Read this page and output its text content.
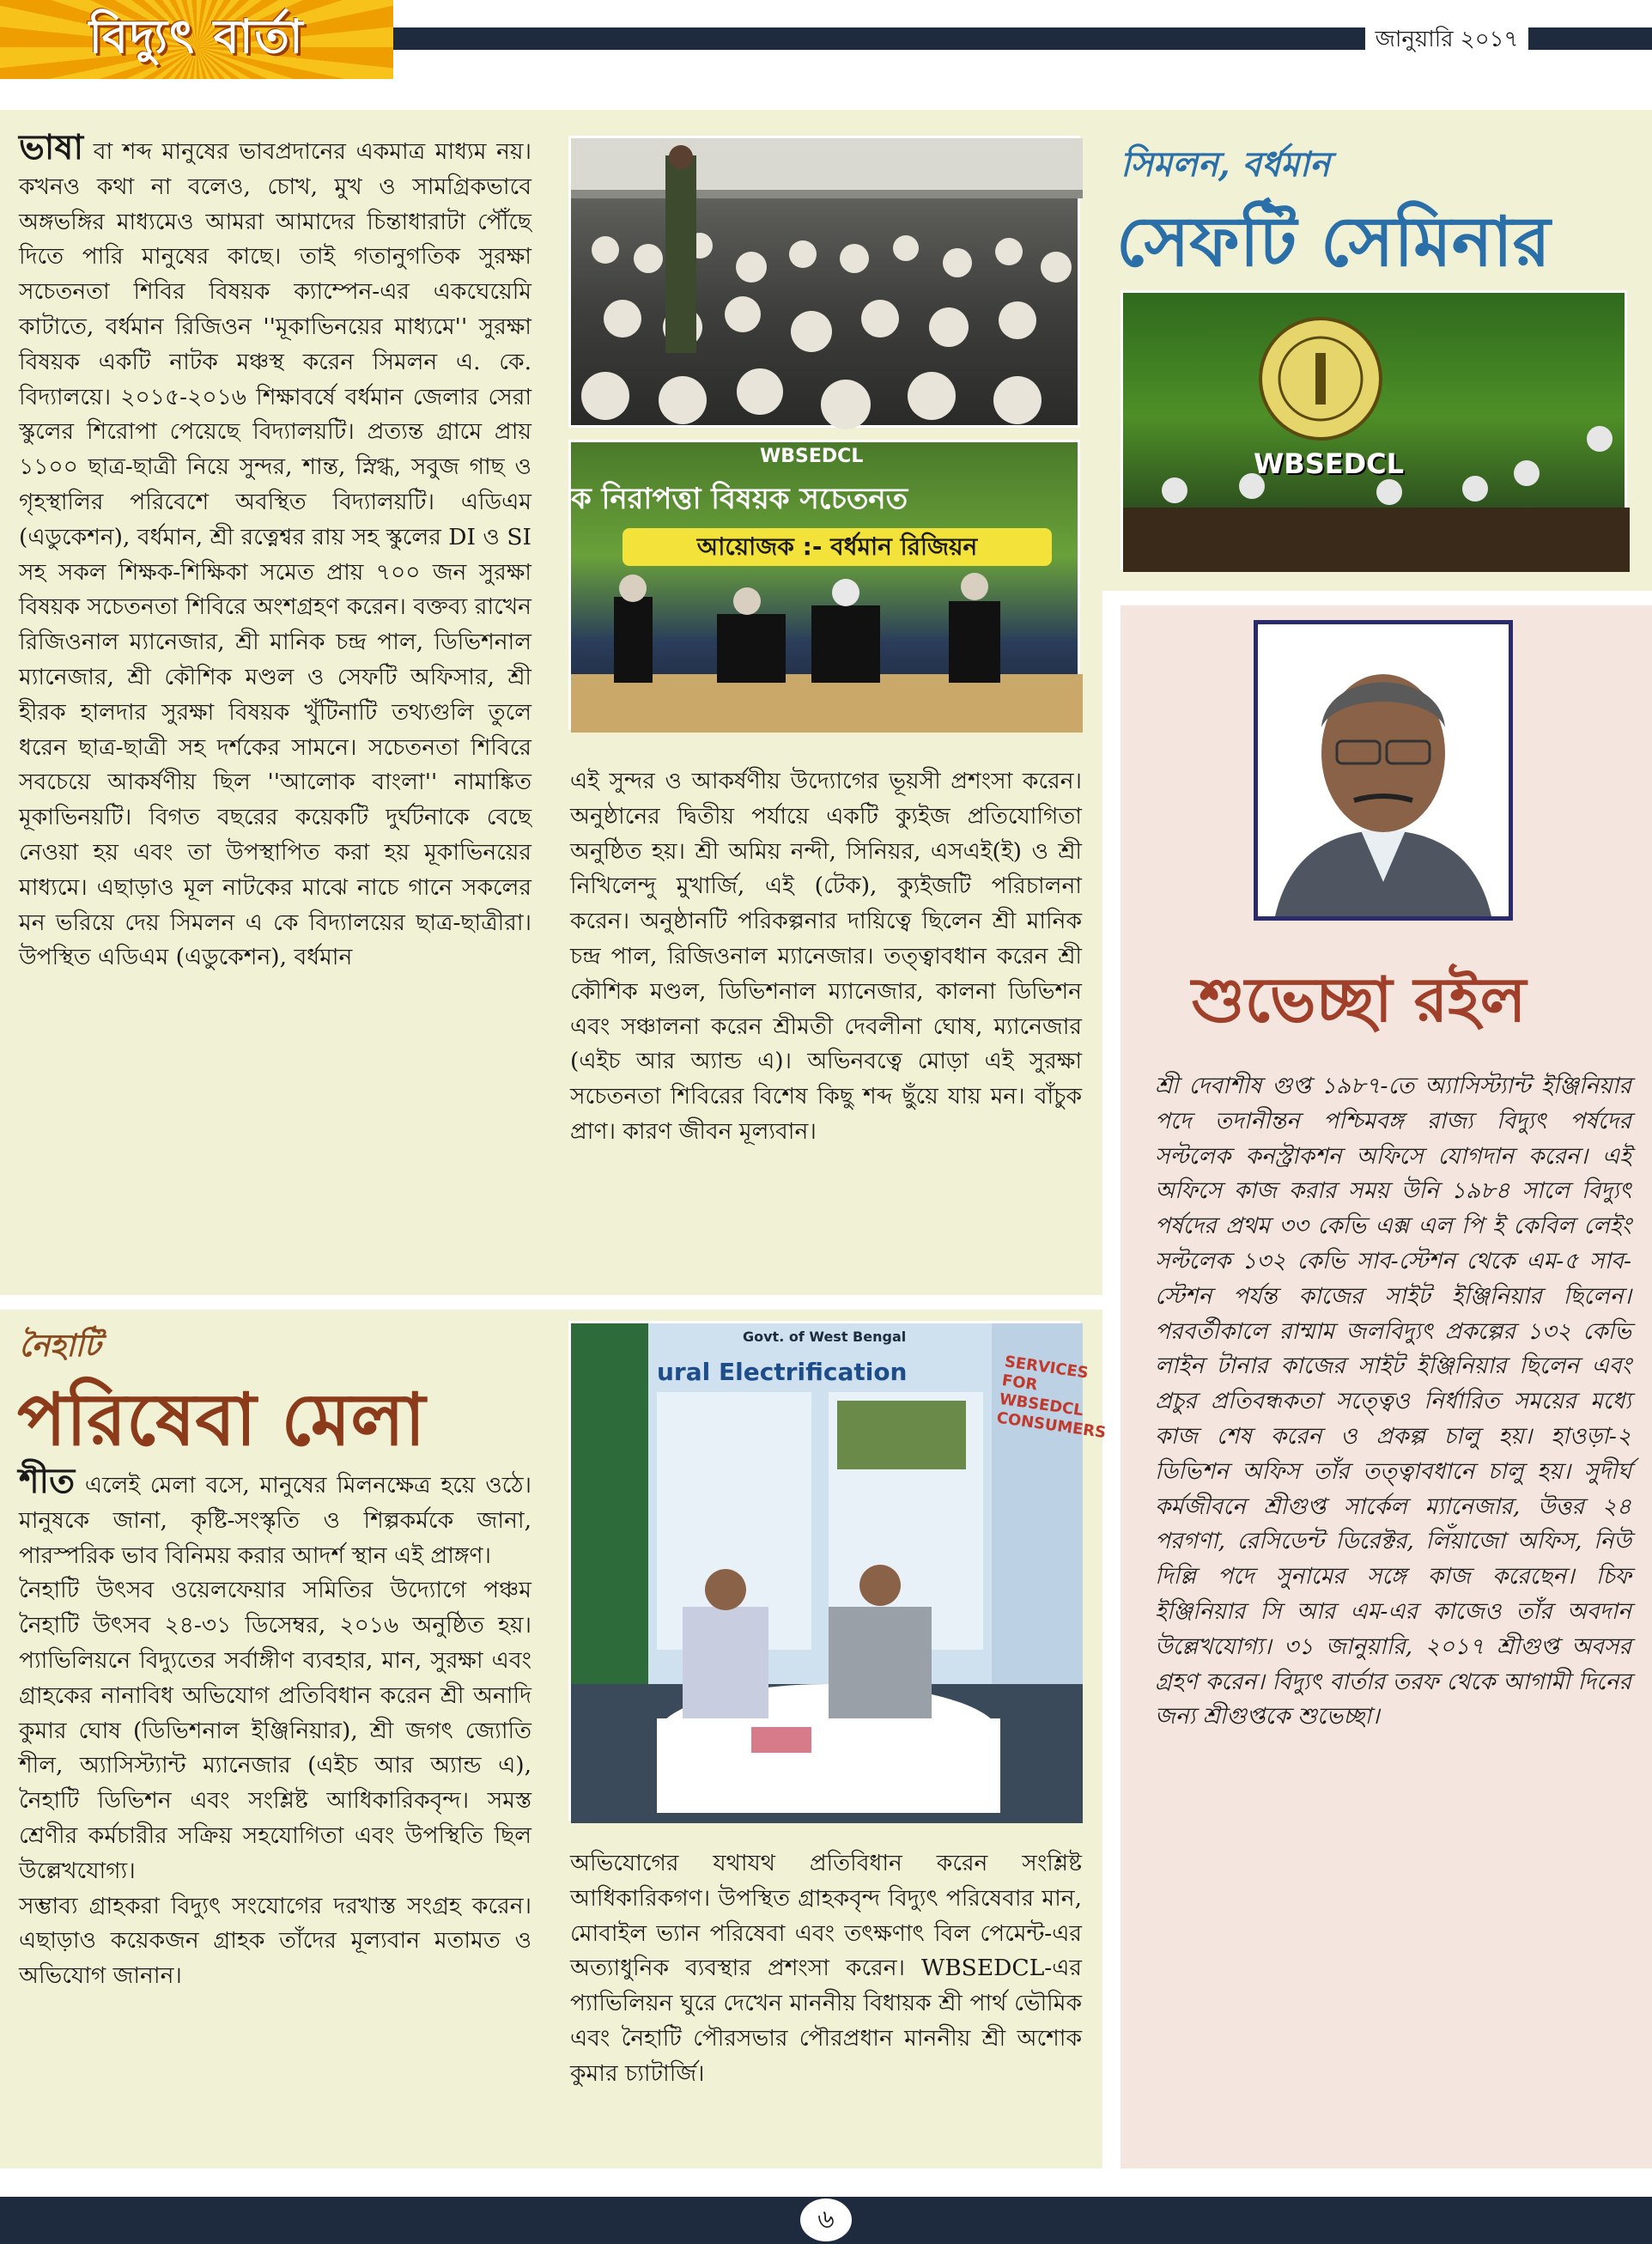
বিদ্যুৎ বার্তা	জানুয়ারি ২০১৭
ভাষা বা শব্দ মানুষের ভাবপ্রদানের একমাত্র মাধ্যম নয়। কখনও কথা না বলেও, চোখ, মুখ ও সামগ্রিকভাবে অঙ্গভঙ্গির মাধ্যমেও আমরা আমাদের চিন্তাধারাটা পৌঁছে দিতে পারি মানুষের কাছে। তাই গতানুগতিক সুরক্ষা সচেতনতা শিবির বিষয়ক ক্যাম্পেন-এর একঘেয়েমি কাটাতে, বর্ধমান রিজিওন ''মূকাভিনয়ের মাধ্যমে'' সুরক্ষা বিষয়ক একটি নাটক মঞ্চস্থ করেন সিমলন এ. কে. বিদ্যালয়ে। ২০১৫-২০১৬ শিক্ষাবর্ষে বর্ধমান জেলার সেরা স্কুলের শিরোপা পেয়েছে বিদ্যালয়টি। প্রত্যন্ত গ্রামে প্রায় ১১০০ ছাত্র-ছাত্রী নিয়ে সুন্দর, শান্ত, স্নিগ্ধ, সবুজ গাছ ও গৃহস্থালির পরিবেশে অবস্থিত বিদ্যালয়টি। এডিএম (এডুকেশন), বর্ধমান, শ্রী রত্নেশ্বর রায় সহ স্কুলের DI ও SI সহ সকল শিক্ষক-শিক্ষিকা সমেত প্রায় ৭০০ জন সুরক্ষা বিষয়ক সচেতনতা শিবিরে অংশগ্রহণ করেন। বক্তব্য রাখেন রিজিওনাল ম্যানেজার, শ্রী মানিক চন্দ্র পাল, ডিভিশনাল ম্যানেজার, শ্রী কৌশিক মণ্ডল ও সেফটি অফিসার, শ্রী হীরক হালদার সুরক্ষা বিষয়ক খুঁটিনাটি তথ্যগুলি তুলে ধরেন ছাত্র-ছাত্রী সহ দর্শকের সামনে। সচেতনতা শিবিরে সবচেয়ে আকর্ষণীয় ছিল ''আলোক বাংলা'' নামাঙ্কিত মূকাভিনয়টি। বিগত বছরের কয়েকটি দুর্ঘটনাকে বেছে নেওয়া হয় এবং তা উপস্থাপিত করা হয় মূকাভিনয়ের মাধ্যমে। এছাড়াও মূল নাটকের মাঝে নাচে গানে সকলের মন ভরিয়ে দেয় সিমলন এ কে বিদ্যালয়ের ছাত্র-ছাত্রীরা। উপস্থিত এডিএম (এডুকেশন), বর্ধমান
ক নিরাপত্তা বিষয়ক সচেতনত
আয়োজক :- বর্ধমান রিজিয়ন
WBSEDCL
এই সুন্দর ও আকর্ষণীয় উদ্যোগের ভূয়সী প্রশংসা করেন। অনুষ্ঠানের দ্বিতীয় পর্যায়ে একটি ক্যুইজ প্রতিযোগিতা অনুষ্ঠিত হয়। শ্রী অমিয় নন্দী, সিনিয়র, এসএই(ই) ও শ্রী নিখিলেন্দু মুখার্জি, এই (টেক), ক্যুইজটি পরিচালনা করেন। অনুষ্ঠানটি পরিকল্পনার দায়িত্বে ছিলেন শ্রী মানিক চন্দ্র পাল, রিজিওনাল ম্যানেজার। তত্ত্বাবধান করেন শ্রী কৌশিক মণ্ডল, ডিভিশনাল ম্যানেজার, কালনা ডিভিশন এবং সঞ্চালনা করেন শ্রীমতী দেবলীনা ঘোষ, ম্যানেজার (এইচ আর অ্যান্ড এ)। অভিনবত্বে মোড়া এই সুরক্ষা সচেতনতা শিবিরের বিশেষ কিছু শব্দ ছুঁয়ে যায় মন। বাঁচুক প্রাণ। কারণ জীবন মূল্যবান।
সিমলন, বর্ধমান
সেফটি সেমিনার
WBSEDCL
শুভেচ্ছা রইল
শ্রী দেবাশীষ গুপ্ত ১৯৮৭-তে অ্যাসিস্ট্যান্ট ইঞ্জিনিয়ার পদে তদানীন্তন পশ্চিমবঙ্গ রাজ্য বিদ্যুৎ পর্ষদের সল্টলেক কনস্ট্রাকশন অফিসে যোগদান করেন। এই অফিসে কাজ করার সময় উনি ১৯৮৪ সালে বিদ্যুৎ পর্ষদের প্রথম ৩৩ কেভি এক্স এল পি ই কেবিল লেইং সল্টলেক ১৩২ কেভি সাব-স্টেশন থেকে এম-৫ সাব-স্টেশন পর্যন্ত কাজের সাইট ইঞ্জিনিয়ার ছিলেন। পরবর্তীকালে রাম্মাম জলবিদ্যুৎ প্রকল্পের ১৩২ কেভি লাইন টানার কাজের সাইট ইঞ্জিনিয়ার ছিলেন এবং প্রচুর প্রতিবন্ধকতা সত্ত্বেও নির্ধারিত সময়ের মধ্যে কাজ শেষ করেন ও প্রকল্প চালু হয়। হাওড়া-২ ডিভিশন অফিস তাঁর তত্ত্বাবধানে চালু হয়। সুদীর্ঘ কর্মজীবনে শ্রীগুপ্ত সার্কেল ম্যানেজার, উত্তর ২৪ পরগণা, রেসিডেন্ট ডিরেক্টর, লিঁয়াজো অফিস, নিউ দিল্লি পদে সুনামের সঙ্গে কাজ করেছেন। চিফ ইঞ্জিনিয়ার সি আর এম-এর কাজেও তাঁর অবদান উল্লেখযোগ্য। ৩১ জানুয়ারি, ২০১৭ শ্রীগুপ্ত অবসর গ্রহণ করেন। বিদ্যুৎ বার্তার তরফ থেকে আগামী দিনের জন্য শ্রীগুপ্তকে শুভেচ্ছা।
নৈহাটি
পরিষেবা মেলা
শীত এলেই মেলা বসে, মানুষের মিলনক্ষেত্র হয়ে ওঠে। মানুষকে জানা, কৃষ্টি-সংস্কৃতি ও শিল্পকর্মকে জানা, পারস্পরিক ভাব বিনিময় করার আদর্শ স্থান এই প্রাঙ্গণ।
নৈহাটি উৎসব ওয়েলফেয়ার সমিতির উদ্যোগে পঞ্চম নৈহাটি উৎসব ২৪-৩১ ডিসেম্বর, ২০১৬ অনুষ্ঠিত হয়। প্যাভিলিয়নে বিদ্যুতের সর্বাঙ্গীণ ব্যবহার, মান, সুরক্ষা এবং গ্রাহকের নানাবিধ অভিযোগ প্রতিবিধান করেন শ্রী অনাদি কুমার ঘোষ (ডিভিশনাল ইঞ্জিনিয়ার), শ্রী জগৎ জ্যোতি শীল, অ্যাসিস্ট্যান্ট ম্যানেজার (এইচ আর অ্যান্ড এ), নৈহাটি ডিভিশন এবং সংশ্লিষ্ট আধিকারিকবৃন্দ। সমস্ত শ্রেণীর কর্মচারীর সক্রিয় সহযোগিতা এবং উপস্থিতি ছিল উল্লেখযোগ্য।
সম্ভাব্য গ্রাহকরা বিদ্যুৎ সংযোগের দরখাস্ত সংগ্রহ করেন। এছাড়াও কয়েকজন গ্রাহক তাঁদের মূল্যবান মতামত ও অভিযোগ জানান।
ural Electrification
Govt. of West Bengal
SERVICES FOR WBSEDCL CONSUMERS
অভিযোগের যথাযথ প্রতিবিধান করেন সংশ্লিষ্ট আধিকারিকগণ। উপস্থিত গ্রাহকবৃন্দ বিদ্যুৎ পরিষেবার মান, মোবাইল ভ্যান পরিষেবা এবং তৎক্ষণাৎ বিল পেমেন্ট-এর অত্যাধুনিক ব্যবস্থার প্রশংসা করেন। WBSEDCL-এর প্যাভিলিয়ন ঘুরে দেখেন মাননীয় বিধায়ক শ্রী পার্থ ভৌমিক এবং নৈহাটি পৌরসভার পৌরপ্রধান মাননীয় শ্রী অশোক কুমার চ্যাটার্জি।
৬
